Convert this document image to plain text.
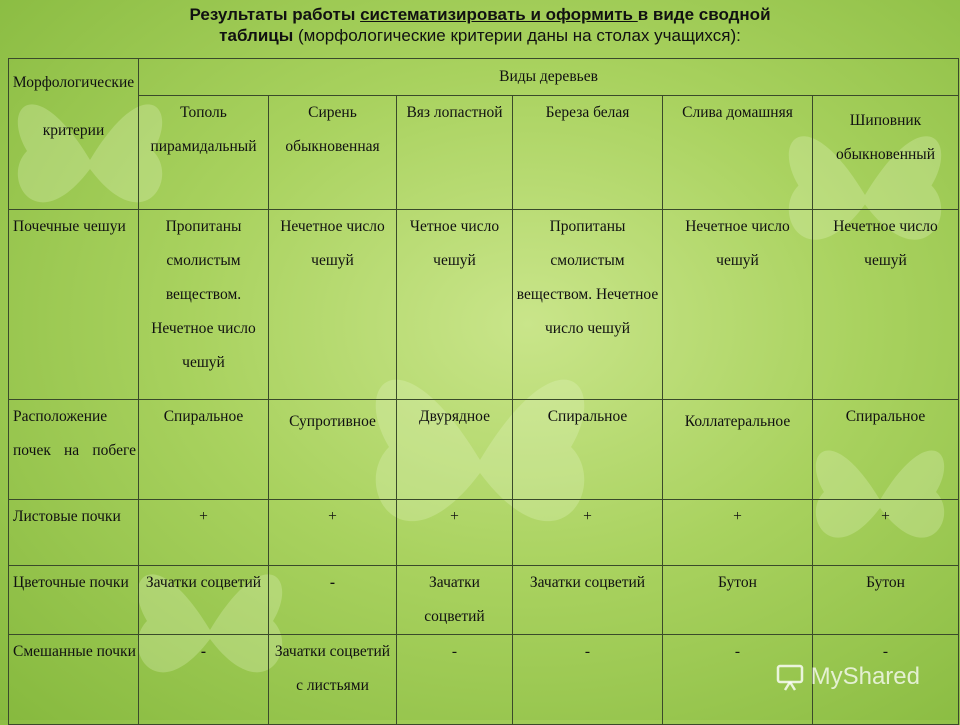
Результаты работы систематизировать и оформить в виде сводной
таблицы (морфологические критерии даны на столах учащихся):
Морфологические критерии	Виды деревьев					
	Тополь пирамидальный	Сирень обыкновенная	Вяз лопастной	Береза белая	Слива домашняя	Шиповник обыкновенный
Почечные чешуи	Пропитаны смолистым веществом. Нечетное число чешуй	Нечетное число чешуй	Четное число чешуй	Пропитаны смолистым веществом. Нечетное число чешуй	Нечетное число чешуй	Нечетное число чешуй
Расположение почек на побеге	Спиральное	Супротивное	Двурядное	Спиральное	Коллатеральное	Спиральное
Листовые почки	+	+	+	+	+	+
Цветочные почки	Зачатки соцветий	-	Зачатки соцветий	Зачатки соцветий	Бутон	Бутон
Смешанные почки	-	Зачатки соцветий с листьями	-	-	-	-
MyShared
